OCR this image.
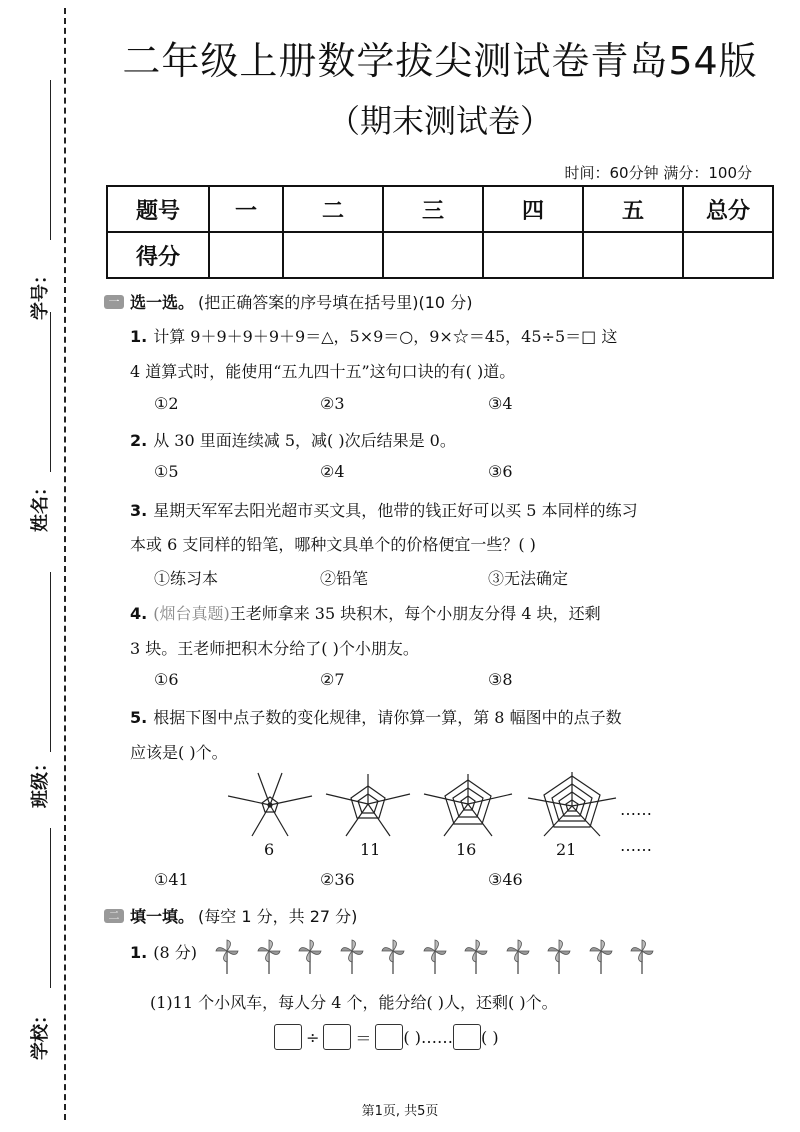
学号：
姓名：
班级：
学校：
二年级上册数学拔尖测试卷青岛54版
（期末测试卷）
时间：60分钟 满分：100分
题号	一	二	三	四	五	总分
得分						
一 选一选。 (把正确答案的序号填在括号里)(10 分)
1. 计算 9＋9＋9＋9＋9＝△，5×9＝○，9×☆＝45，45÷5＝□ 这
4 道算式时，能使用“五九四十五”这句口诀的有( )道。
①2	②3	③4
2. 从 30 里面连续减 5，减( )次后结果是 0。
①5	②4	③6
3. 星期天军军去阳光超市买文具，他带的钱正好可以买 5 本同样的练习
本或 6 支同样的铅笔，哪种文具单个的价格便宜一些？( )
①练习本	②铅笔	③无法确定
4. (烟台真题)王老师拿来 35 块积木，每个小朋友分得 4 块，还剩
3 块。王老师把积木分给了( )个小朋友。
①6	②7	③8
5. 根据下图中点子数的变化规律，请你算一算，第 8 幅图中的点子数
应该是( )个。
……
……
6	11	16	21
①41	②36	③46
二 填一填。 (每空 1 分，共 27 分)
1. (8 分)
(1)11 个小风车，每人分 4 个，能分给( )人，还剩( )个。
÷ ＝ ( ) …… ( )
第1页, 共5页
